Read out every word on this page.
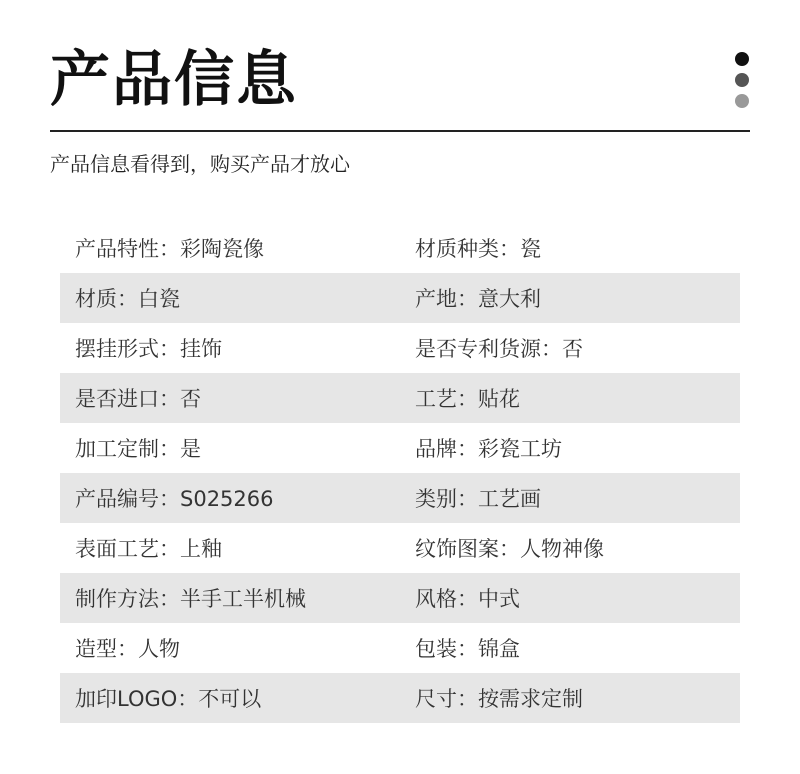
产品信息
产品信息看得到，购买产品才放心
产品特性：彩陶瓷像	材质种类：瓷
材质：白瓷	产地：意大利
摆挂形式：挂饰	是否专利货源：否
是否进口：否	工艺：贴花
加工定制：是	品牌：彩瓷工坊
产品编号：S025266	类别：工艺画
表面工艺：上釉	纹饰图案：人物神像
制作方法：半手工半机械	风格：中式
造型：人物	包装：锦盒
加印LOGO：不可以	尺寸：按需求定制
